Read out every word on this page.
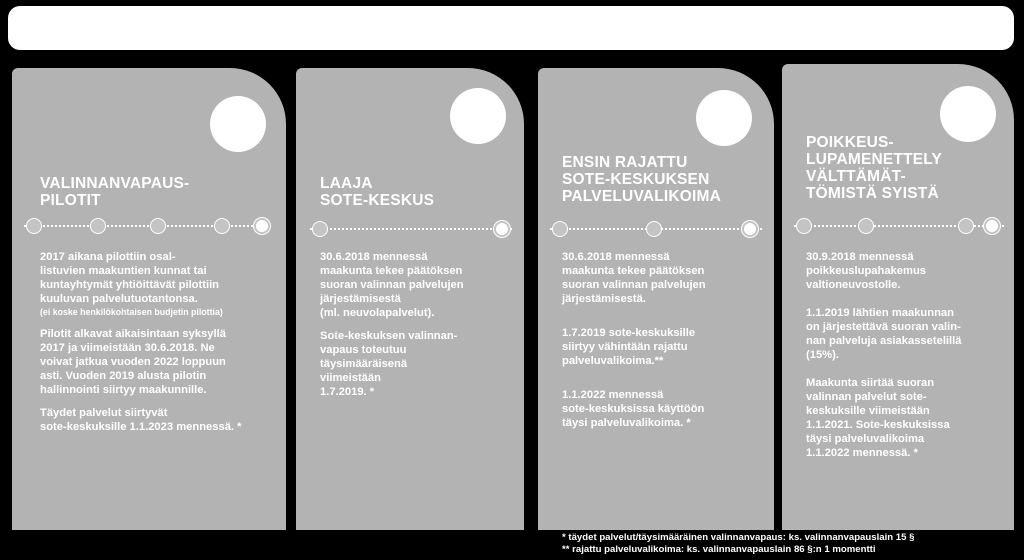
VALINNANVAPAUS-
PILOTIT

2017 aikana pilottiin osal-
listuvien maakuntien kunnat tai
kuntayhtymät yhtiöittävät pilottiin
kuuluvan palvelutuotantonsa.

(ei koske henkilökohtaisen budjetin pilottia)

Pilotit alkavat aikaisintaan syksyllä
2017 ja viimeistään 30.6.2018. Ne
voivat jatkua vuoden 2022 loppuun
asti. Vuoden 2019 alusta pilotin
hallinnointi siirtyy maakunnille.

Täydet palvelut siirtyvät
sote-keskuksille 1.1.2023 mennessä. *

LAAJA
SOTE-KESKUS

30.6.2018 mennessä
maakunta tekee päätöksen
suoran valinnan palvelujen
järjestämisestä
(ml. neuvolapalvelut).

Sote-keskuksen valinnan-
vapaus toteutuu
täysimääräisenä
viimeistään
1.7.2019. *

ENSIN RAJATTU
SOTE-KESKUKSEN
PALVELUVALIKOIMA

30.6.2018 mennessä
maakunta tekee päätöksen
suoran valinnan palvelujen
järjestämisestä.

1.7.2019 sote-keskuksille
siirtyy vähintään rajattu
palveluvalikoima.**

1.1.2022 mennessä
sote-keskuksissa käyttöön
täysi palveluvalikoima. *

POIKKEUS-
LUPAMENETTELY
VÄLTTÄMÄT-
TÖMISTÄ SYISTÄ

30.9.2018 mennessä
poikkeuslupahakemus
valtioneuvostolle.

1.1.2019 lähtien maakunnan
on järjestettävä suoran valin-
nan palveluja asiakassetelillä
(15%).

Maakunta siirtää suoran
valinnan palvelut sote-
keskuksille viimeistään
1.1.2021. Sote-keskuksissa
täysi palveluvalikoima
1.1.2022 mennessä. *

* täydet palvelut/täysimääräinen valinnanvapaus: ks. valinnanvapauslain 15 §
** rajattu palveluvalikoima: ks. valinnanvapauslain 86 §:n 1 momentti
